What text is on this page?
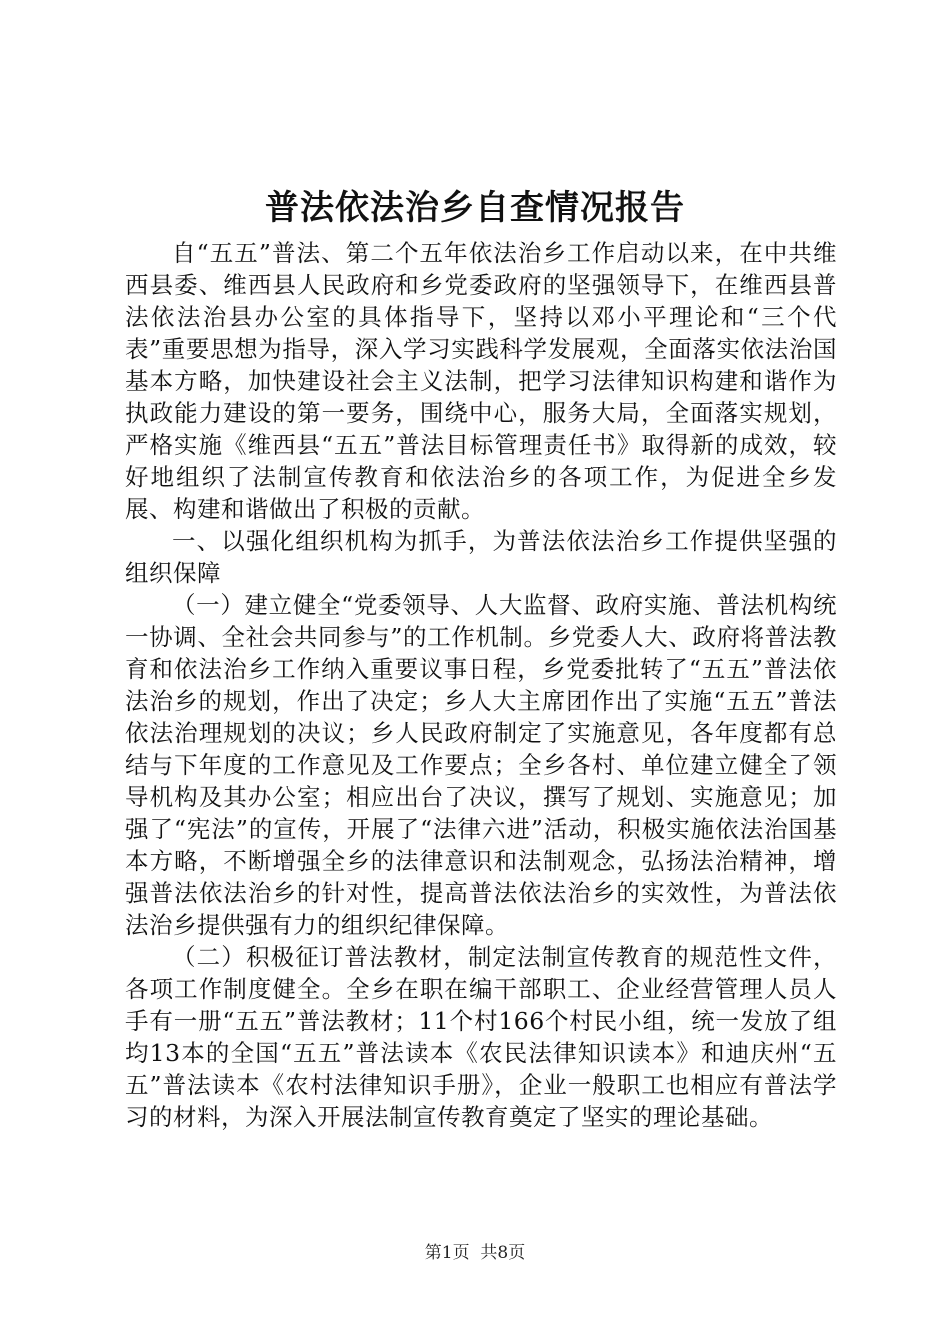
普法依法治乡自查情况报告

自“五五”普法、第二个五年依法治乡工作启动以来，在中共维西县委、维西县人民政府和乡党委政府的坚强领导下，在维西县普法依法治县办公室的具体指导下，坚持以邓小平理论和“三个代表”重要思想为指导，深入学习实践科学发展观，全面落实依法治国基本方略，加快建设社会主义法制，把学习法律知识构建和谐作为执政能力建设的第一要务，围绕中心，服务大局，全面落实规划，严格实施《维西县“五五”普法目标管理责任书》取得新的成效，较好地组织了法制宣传教育和依法治乡的各项工作，为促进全乡发展、构建和谐做出了积极的贡献。

一、以强化组织机构为抓手，为普法依法治乡工作提供坚强的组织保障

（一）建立健全“党委领导、人大监督、政府实施、普法机构统一协调、全社会共同参与”的工作机制。乡党委人大、政府将普法教育和依法治乡工作纳入重要议事日程，乡党委批转了“五五”普法依法治乡的规划，作出了决定；乡人大主席团作出了实施“五五”普法依法治理规划的决议；乡人民政府制定了实施意见，各年度都有总结与下年度的工作意见及工作要点；全乡各村、单位建立健全了领导机构及其办公室；相应出台了决议，撰写了规划、实施意见；加强了“宪法”的宣传，开展了“法律六进”活动，积极实施依法治国基本方略，不断增强全乡的法律意识和法制观念，弘扬法治精神，增强普法依法治乡的针对性，提高普法依法治乡的实效性，为普法依法治乡提供强有力的组织纪律保障。

（二）积极征订普法教材，制定法制宣传教育的规范性文件，各项工作制度健全。全乡在职在编干部职工、企业经营管理人员人手有一册“五五”普法教材；11个村166个村民小组，统一发放了组均13本的全国“五五”普法读本《农民法律知识读本》和迪庆州“五五”普法读本《农村法律知识手册》，企业一般职工也相应有普法学习的材料，为深入开展法制宣传教育奠定了坚实的理论基础。

第1页 共8页
